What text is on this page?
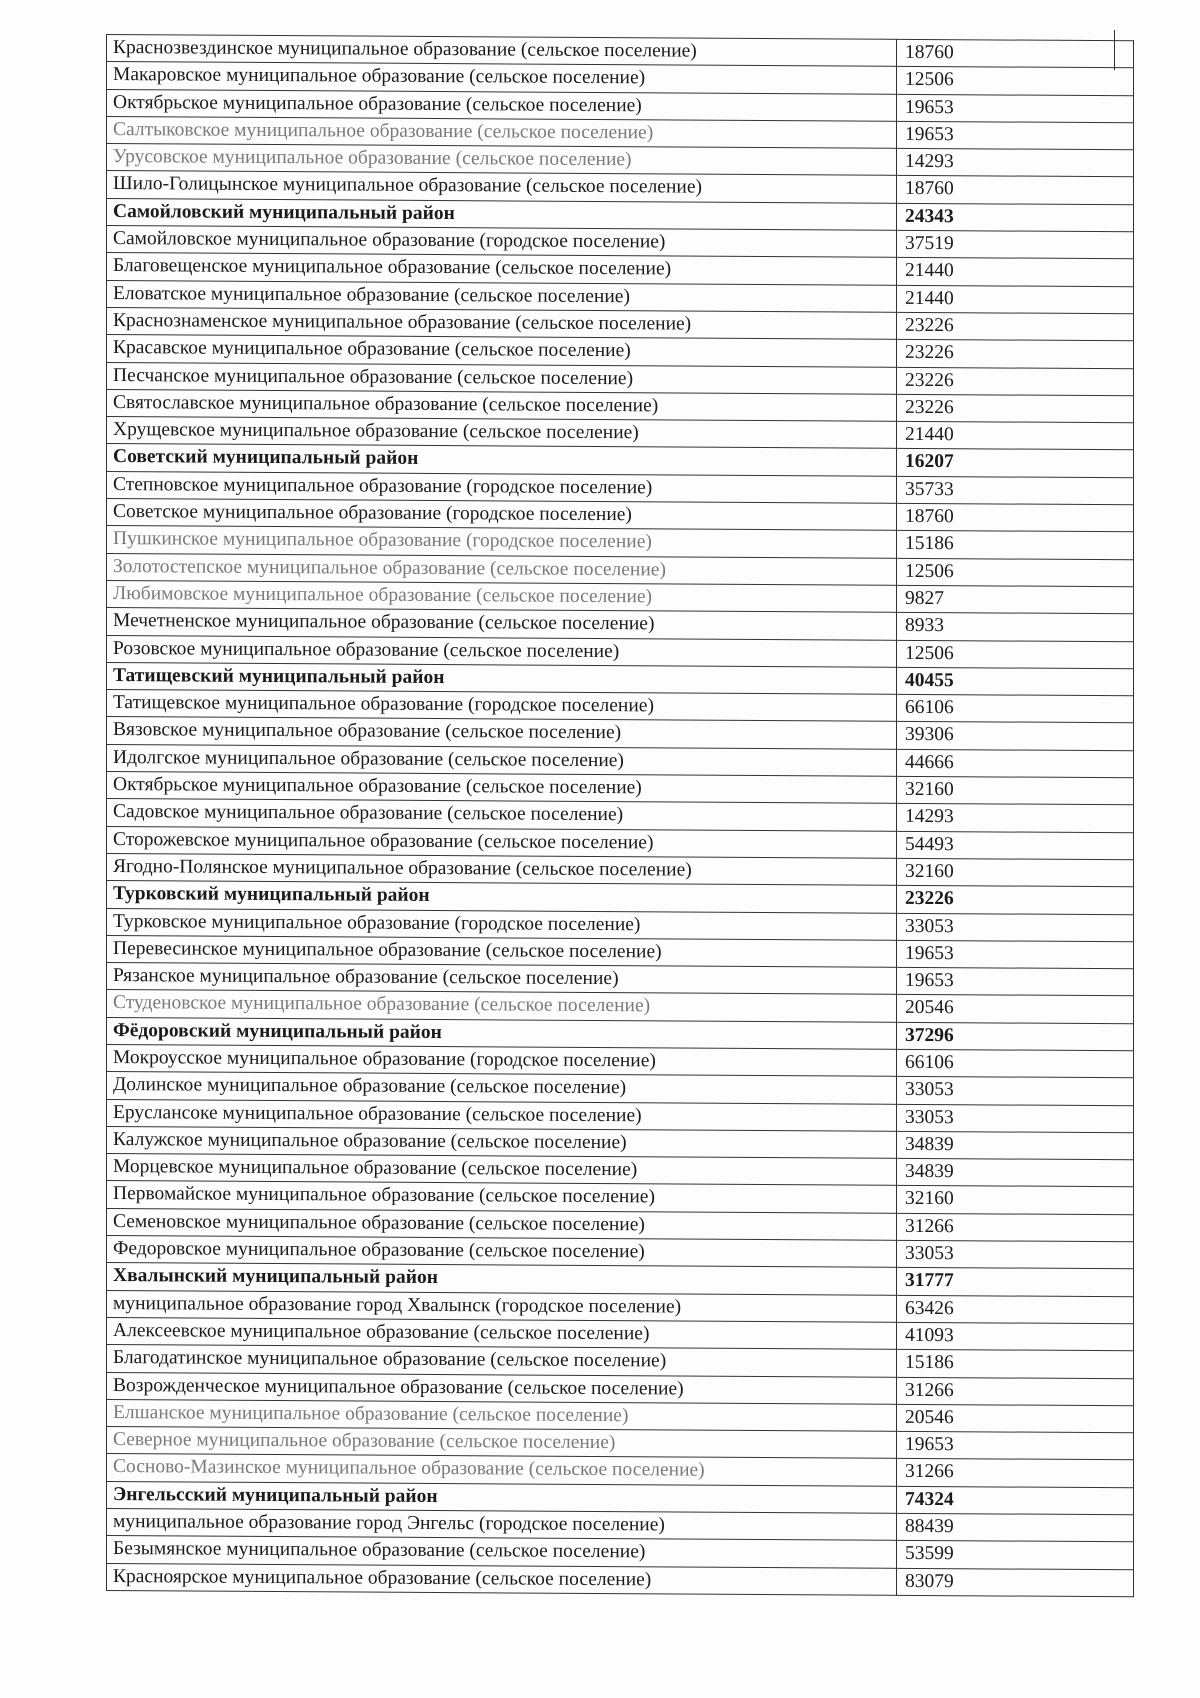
Краснозвездинское муниципальное образование (сельское поселение)	18760
Макаровское муниципальное образование (сельское поселение)	12506
Октябрьское муниципальное образование (сельское поселение)	19653
Салтыковское муниципальное образование (сельское поселение)	19653
Урусовское муниципальное образование (сельское поселение)	14293
Шило-Голицынское муниципальное образование (сельское поселение)	18760
Самойловский муниципальный район	24343
Самойловское муниципальное образование (городское поселение)	37519
Благовещенское муниципальное образование (сельское поселение)	21440
Еловатское муниципальное образование (сельское поселение)	21440
Краснознаменское муниципальное образование (сельское поселение)	23226
Красавское муниципальное образование (сельское поселение)	23226
Песчанское муниципальное образование (сельское поселение)	23226
Святославское муниципальное образование (сельское поселение)	23226
Хрущевское муниципальное образование (сельское поселение)	21440
Советский муниципальный район	16207
Степновское муниципальное образование (городское поселение)	35733
Советское муниципальное образование (городское поселение)	18760
Пушкинское муниципальное образование (городское поселение)	15186
Золотостепское муниципальное образование (сельское поселение)	12506
Любимовское муниципальное образование (сельское поселение)	9827
Мечетненское муниципальное образование (сельское поселение)	8933
Розовское муниципальное образование (сельское поселение)	12506
Татищевский муниципальный район	40455
Татищевское муниципальное образование (городское поселение)	66106
Вязовское муниципальное образование (сельское поселение)	39306
Идолгское муниципальное образование (сельское поселение)	44666
Октябрьское муниципальное образование (сельское поселение)	32160
Садовское муниципальное образование (сельское поселение)	14293
Сторожевское муниципальное образование (сельское поселение)	54493
Ягодно-Полянское муниципальное образование (сельское поселение)	32160
Турковский муниципальный район	23226
Турковское муниципальное образование (городское поселение)	33053
Перевесинское муниципальное образование (сельское поселение)	19653
Рязанское муниципальное образование (сельское поселение)	19653
Студеновское муниципальное образование (сельское поселение)	20546
Фёдоровский муниципальный район	37296
Мокроусское муниципальное образование (городское поселение)	66106
Долинское муниципальное образование (сельское поселение)	33053
Еруслансоке муниципальное образование (сельское поселение)	33053
Калужское муниципальное образование (сельское поселение)	34839
Морцевское муниципальное образование (сельское поселение)	34839
Первомайское муниципальное образование (сельское поселение)	32160
Семеновское муниципальное образование (сельское поселение)	31266
Федоровское муниципальное образование (сельское поселение)	33053
Хвалынский муниципальный район	31777
муниципальное образование город Хвалынск (городское поселение)	63426
Алексеевское муниципальное образование (сельское поселение)	41093
Благодатинское муниципальное образование (сельское поселение)	15186
Возрожденческое муниципальное образование (сельское поселение)	31266
Елшанское муниципальное образование (сельское поселение)	20546
Северное муниципальное образование (сельское поселение)	19653
Сосново-Мазинское муниципальное образование (сельское поселение)	31266
Энгельсский муниципальный район	74324
муниципальное образование город Энгельс (городское поселение)	88439
Безымянское муниципальное образование (сельское поселение)	53599
Красноярское муниципальное образование (сельское поселение)	83079
